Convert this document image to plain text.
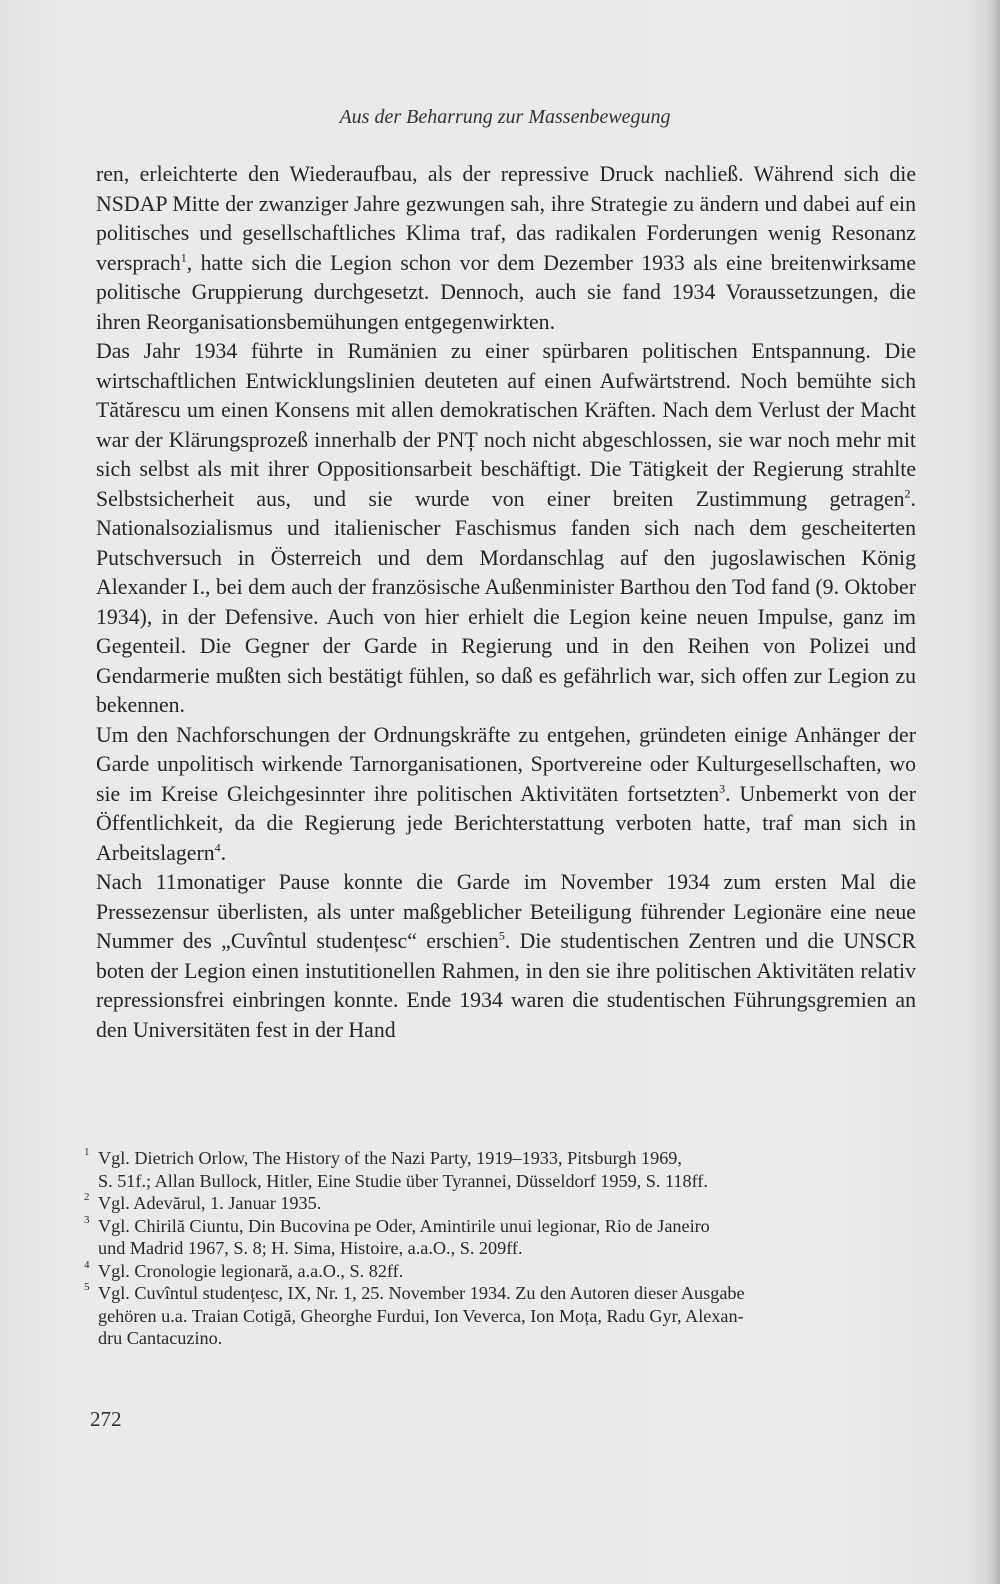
Aus der Beharrung zur Massenbewegung

ren, erleichterte den Wiederaufbau, als der repressive Druck nachließ. Während sich die NSDAP Mitte der zwanziger Jahre gezwungen sah, ihre Strategie zu ändern und dabei auf ein politisches und gesellschaftliches Klima traf, das radikalen Forderungen wenig Resonanz versprach$^1$, hatte sich die Legion schon vor dem Dezember 1933 als eine breitenwirksame politische Gruppierung durchgesetzt. Dennoch, auch sie fand 1934 Voraussetzungen, die ihren Reorganisationsbemühungen entgegenwirkten.

Das Jahr 1934 führte in Rumänien zu einer spürbaren politischen Entspannung. Die wirtschaftlichen Entwicklungslinien deuteten auf einen Aufwärtstrend. Noch bemühte sich Tătărescu um einen Konsens mit allen demokratischen Kräften. Nach dem Verlust der Macht war der Klärungsprozeß innerhalb der PNȚ noch nicht abgeschlossen, sie war noch mehr mit sich selbst als mit ihrer Oppositionsarbeit beschäftigt. Die Tätigkeit der Regierung strahlte Selbstsicherheit aus, und sie wurde von einer breiten Zustimmung getragen$^2$. Nationalsozialismus und italienischer Faschismus fanden sich nach dem gescheiterten Putschversuch in Österreich und dem Mordanschlag auf den jugoslawischen König Alexander I., bei dem auch der französische Außenminister Barthou den Tod fand (9. Oktober 1934), in der Defensive. Auch von hier erhielt die Legion keine neuen Impulse, ganz im Gegenteil. Die Gegner der Garde in Regierung und in den Reihen von Polizei und Gendarmerie mußten sich bestätigt fühlen, so daß es gefährlich war, sich offen zur Legion zu bekennen.

Um den Nachforschungen der Ordnungskräfte zu entgehen, gründeten einige Anhänger der Garde unpolitisch wirkende Tarnorganisationen, Sportvereine oder Kulturgesellschaften, wo sie im Kreise Gleichgesinnter ihre politischen Aktivitäten fortsetzten$^3$. Unbemerkt von der Öffentlichkeit, da die Regierung jede Berichterstattung verboten hatte, traf man sich in Arbeitslagern$^4$.

Nach 11monatiger Pause konnte die Garde im November 1934 zum ersten Mal die Pressezensur überlisten, als unter maßgeblicher Beteiligung führender Legionäre eine neue Nummer des „Cuvîntul studențesc“ erschien$^5$. Die studentischen Zentren und die UNSCR boten der Legion einen instutitionellen Rahmen, in den sie ihre politischen Aktivitäten relativ repressionsfrei einbringen konnte. Ende 1934 waren die studentischen Führungsgremien an den Universitäten fest in der Hand

1 Vgl. Dietrich Orlow, The History of the Nazi Party, 1919–1933, Pitsburgh 1969,
S. 51f.; Allan Bullock, Hitler, Eine Studie über Tyrannei, Düsseldorf 1959, S. 118ff.
2 Vgl. Adevărul, 1. Januar 1935.
3 Vgl. Chirilă Ciuntu, Din Bucovina pe Oder, Amintirile unui legionar, Rio de Janeiro
und Madrid 1967, S. 8; H. Sima, Histoire, a.a.O., S. 209ff.
4 Vgl. Cronologie legionară, a.a.O., S. 82ff.
5 Vgl. Cuvîntul studențesc, IX, Nr. 1, 25. November 1934. Zu den Autoren dieser Ausgabe
gehören u.a. Traian Cotigă, Gheorghe Furdui, Ion Veverca, Ion Moța, Radu Gyr, Alexan-
dru Cantacuzino.
272
